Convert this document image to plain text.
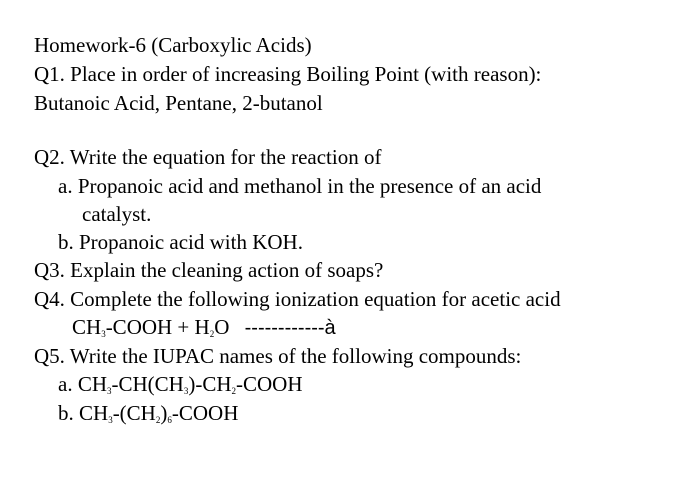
Homework-6 (Carboxylic Acids)
Q1. Place in order of increasing Boiling Point (with reason):
Butanoic Acid, Pentane, 2-butanol
Q2. Write the equation for the reaction of
a. Propanoic acid and methanol in the presence of an acid
catalyst.
b. Propanoic acid with KOH.
Q3. Explain the cleaning action of soaps?
Q4. Complete the following ionization equation for acetic acid
$CH_3$-COOH + $H_2O$ ------------à
Q5. Write the IUPAC names of the following compounds:
a. $CH_3-CH(CH_3)-CH_2$-COOH
b. $CH_3-(CH_2)_6$-COOH
